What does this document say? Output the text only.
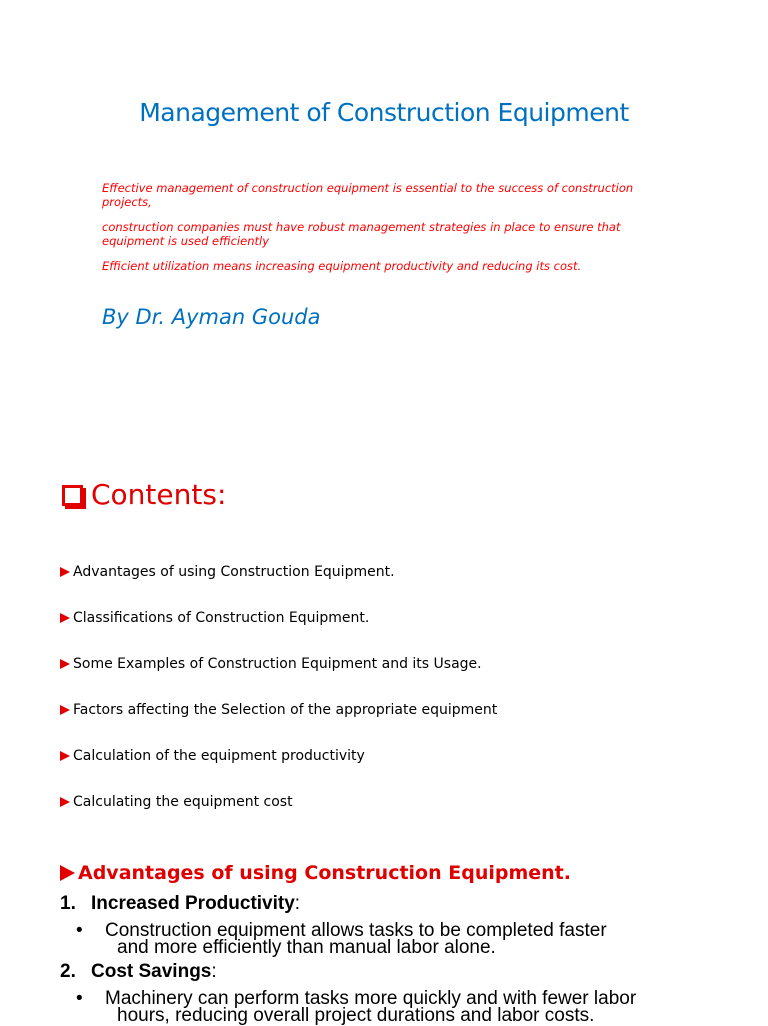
Management of Construction Equipment
Effective management of construction equipment is essential to the success of construction projects,
construction companies must have robust management strategies in place to ensure that equipment is used efficiently
Efficient utilization means increasing equipment productivity and reducing its cost.
By Dr. Ayman Gouda
Contents:
Advantages of using Construction Equipment.
Classifications of Construction Equipment.
Some Examples of Construction Equipment and its Usage.
Factors affecting the Selection of the appropriate equipment
Calculation of the equipment productivity
Calculating the equipment cost
Advantages of using Construction Equipment.
1. Increased Productivity:
• Construction equipment allows tasks to be completed faster
and more efficiently than manual labor alone.
2. Cost Savings:
• Machinery can perform tasks more quickly and with fewer labor
hours, reducing overall project durations and labor costs.
